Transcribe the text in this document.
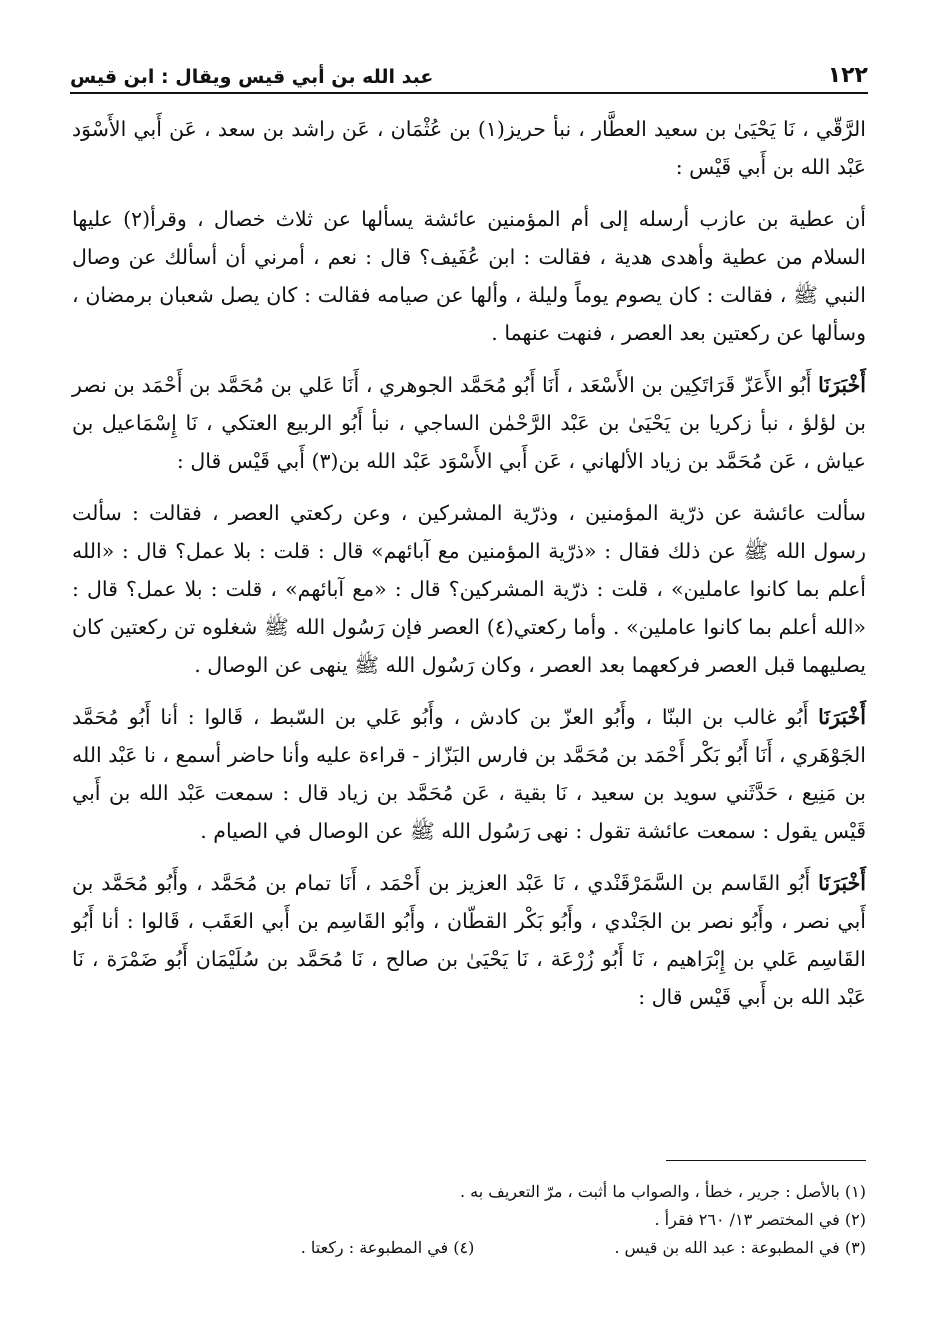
١٢٢
عبد الله بن أبي قيس ويقال : ابن قيس

الرَّقّي ، نَا يَحْيَىٰ بن سعيد العطَّار ، نبأ حريز(١) بن عُثْمَان ، عَن راشد بن سعد ، عَن أَبي الأَسْوَد عَبْد الله بن أَبي قَيْس :

أن عطية بن عازب أرسله إلى أم المؤمنين عائشة يسألها عن ثلاث خصال ، وقرأ(٢) عليها السلام من عطية وأهدى هدية ، فقالت : ابن عُفَيف؟ قال : نعم ، أمرني أن أسألك عن وصال النبي ﷺ ، فقالت : كان يصوم يوماً وليلة ، وألها عن صيامه فقالت : كان يصل شعبان برمضان ، وسألها عن ركعتين بعد العصر ، فنهت عنهما .

أَخْبَرَنَا أَبُو الأَعَزّ قَرَاتَكِين بن الأَسْعَد ، أَنَا أَبُو مُحَمَّد الجوهري ، أَنَا عَلي بن مُحَمَّد بن أَحْمَد بن نصر بن لؤلؤ ، نبأ زكريا بن يَحْيَىٰ بن عَبْد الرَّحْمٰن الساجي ، نبأ أَبُو الربيع العتكي ، نَا إِسْمَاعيل بن عياش ، عَن مُحَمَّد بن زياد الألهاني ، عَن أَبي الأَسْوَد عَبْد الله بن(٣) أَبي قَيْس قال :

سألت عائشة عن ذرّية المؤمنين ، وذرّية المشركين ، وعن ركعتي العصر ، فقالت : سألت رسول الله ﷺ عن ذلك فقال : «ذرّية المؤمنين مع آبائهم» قال : قلت : بلا عمل؟ قال : «الله أعلم بما كانوا عاملين» ، قلت : ذرّية المشركين؟ قال : «مع آبائهم» ، قلت : بلا عمل؟ قال : «الله أعلم بما كانوا عاملين» . وأما ركعتي(٤) العصر فإن رَسُول الله ﷺ شغلوه تن ركعتين كان يصليهما قبل العصر فركعهما بعد العصر ، وكان رَسُول الله ﷺ ينهى عن الوصال .

أَخْبَرَنَا أَبُو غالب بن البنّا ، وأَبُو العزّ بن كادش ، وأَبُو عَلي بن السّبط ، قَالوا : أنا أَبُو مُحَمَّد الجَوْهَري ، أَنَا أَبُو بَكْر أَحْمَد بن مُحَمَّد بن فارس البَزّاز - قراءة عليه وأنا حاضر أسمع ، نا عَبْد الله بن مَنِيع ، حَدَّثَني سويد بن سعيد ، نَا بقية ، عَن مُحَمَّد بن زياد قال : سمعت عَبْد الله بن أَبي قَيْس يقول : سمعت عائشة تقول : نهى رَسُول الله ﷺ عن الوصال في الصيام .

أَخْبَرَنَا أَبُو القَاسم بن السَّمَرْقَنْدي ، نَا عَبْد العزيز بن أَحْمَد ، أَنَا تمام بن مُحَمَّد ، وأَبُو مُحَمَّد بن أَبي نصر ، وأَبُو نصر بن الجَنْدي ، وأَبُو بَكْر القطّان ، وأَبُو القَاسِم بن أَبي العَقَب ، قَالوا : أنا أَبُو القَاسِم عَلي بن إِبْرَاهيم ، نَا أَبُو زُرْعَة ، نَا يَحْيَىٰ بن صالح ، نَا مُحَمَّد بن سُلَيْمَان أَبُو ضَمْرَة ، نَا عَبْد الله بن أَبي قَيْس قال :

(١) بالأصل : جرير ، خطأ ، والصواب ما أثبت ، مرّ التعريف به .
(٢) في المختصر ١٣/ ٢٦٠ فقرأ .
(٣) في المطبوعة : عبد الله بن قيس .
(٤) في المطبوعة : ركعتا .
